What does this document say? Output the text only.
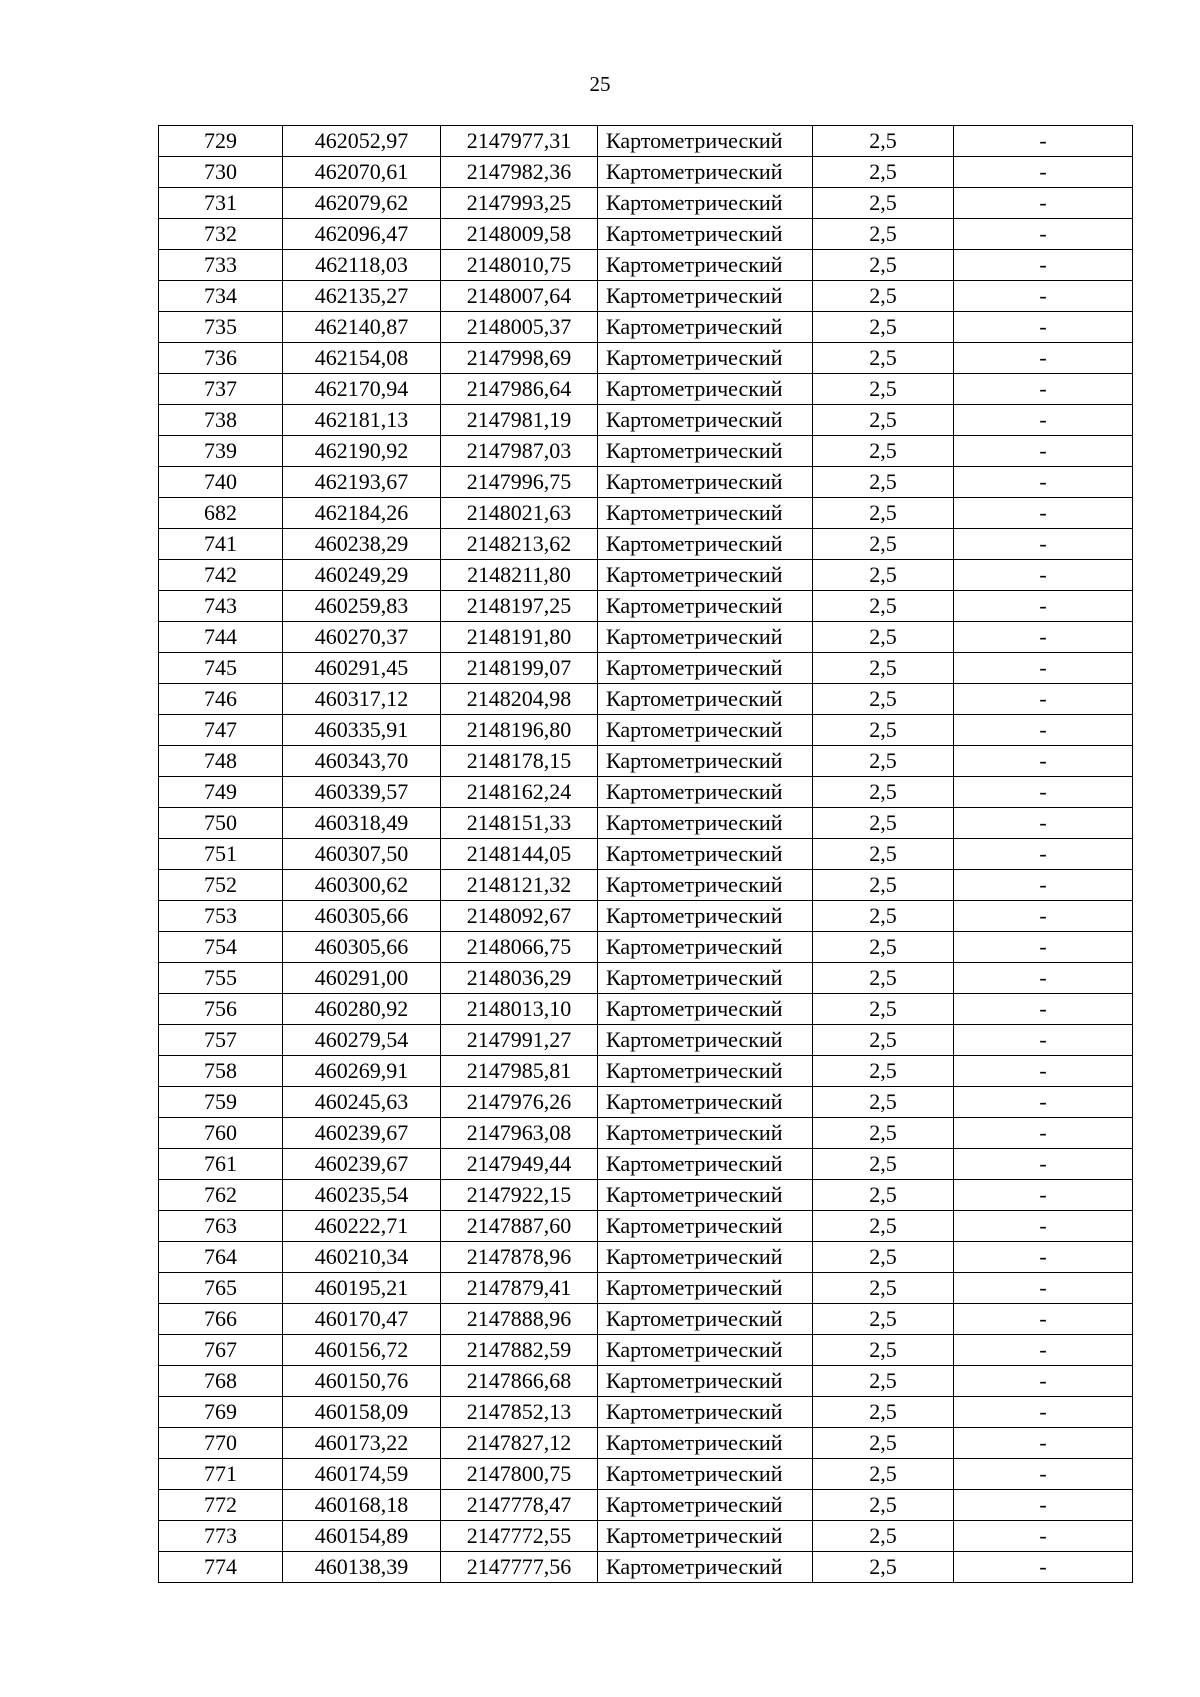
25
729	462052,97	2147977,31	Картометрический	2,5	-
730	462070,61	2147982,36	Картометрический	2,5	-
731	462079,62	2147993,25	Картометрический	2,5	-
732	462096,47	2148009,58	Картометрический	2,5	-
733	462118,03	2148010,75	Картометрический	2,5	-
734	462135,27	2148007,64	Картометрический	2,5	-
735	462140,87	2148005,37	Картометрический	2,5	-
736	462154,08	2147998,69	Картометрический	2,5	-
737	462170,94	2147986,64	Картометрический	2,5	-
738	462181,13	2147981,19	Картометрический	2,5	-
739	462190,92	2147987,03	Картометрический	2,5	-
740	462193,67	2147996,75	Картометрический	2,5	-
682	462184,26	2148021,63	Картометрический	2,5	-
741	460238,29	2148213,62	Картометрический	2,5	-
742	460249,29	2148211,80	Картометрический	2,5	-
743	460259,83	2148197,25	Картометрический	2,5	-
744	460270,37	2148191,80	Картометрический	2,5	-
745	460291,45	2148199,07	Картометрический	2,5	-
746	460317,12	2148204,98	Картометрический	2,5	-
747	460335,91	2148196,80	Картометрический	2,5	-
748	460343,70	2148178,15	Картометрический	2,5	-
749	460339,57	2148162,24	Картометрический	2,5	-
750	460318,49	2148151,33	Картометрический	2,5	-
751	460307,50	2148144,05	Картометрический	2,5	-
752	460300,62	2148121,32	Картометрический	2,5	-
753	460305,66	2148092,67	Картометрический	2,5	-
754	460305,66	2148066,75	Картометрический	2,5	-
755	460291,00	2148036,29	Картометрический	2,5	-
756	460280,92	2148013,10	Картометрический	2,5	-
757	460279,54	2147991,27	Картометрический	2,5	-
758	460269,91	2147985,81	Картометрический	2,5	-
759	460245,63	2147976,26	Картометрический	2,5	-
760	460239,67	2147963,08	Картометрический	2,5	-
761	460239,67	2147949,44	Картометрический	2,5	-
762	460235,54	2147922,15	Картометрический	2,5	-
763	460222,71	2147887,60	Картометрический	2,5	-
764	460210,34	2147878,96	Картометрический	2,5	-
765	460195,21	2147879,41	Картометрический	2,5	-
766	460170,47	2147888,96	Картометрический	2,5	-
767	460156,72	2147882,59	Картометрический	2,5	-
768	460150,76	2147866,68	Картометрический	2,5	-
769	460158,09	2147852,13	Картометрический	2,5	-
770	460173,22	2147827,12	Картометрический	2,5	-
771	460174,59	2147800,75	Картометрический	2,5	-
772	460168,18	2147778,47	Картометрический	2,5	-
773	460154,89	2147772,55	Картометрический	2,5	-
774	460138,39	2147777,56	Картометрический	2,5	-
